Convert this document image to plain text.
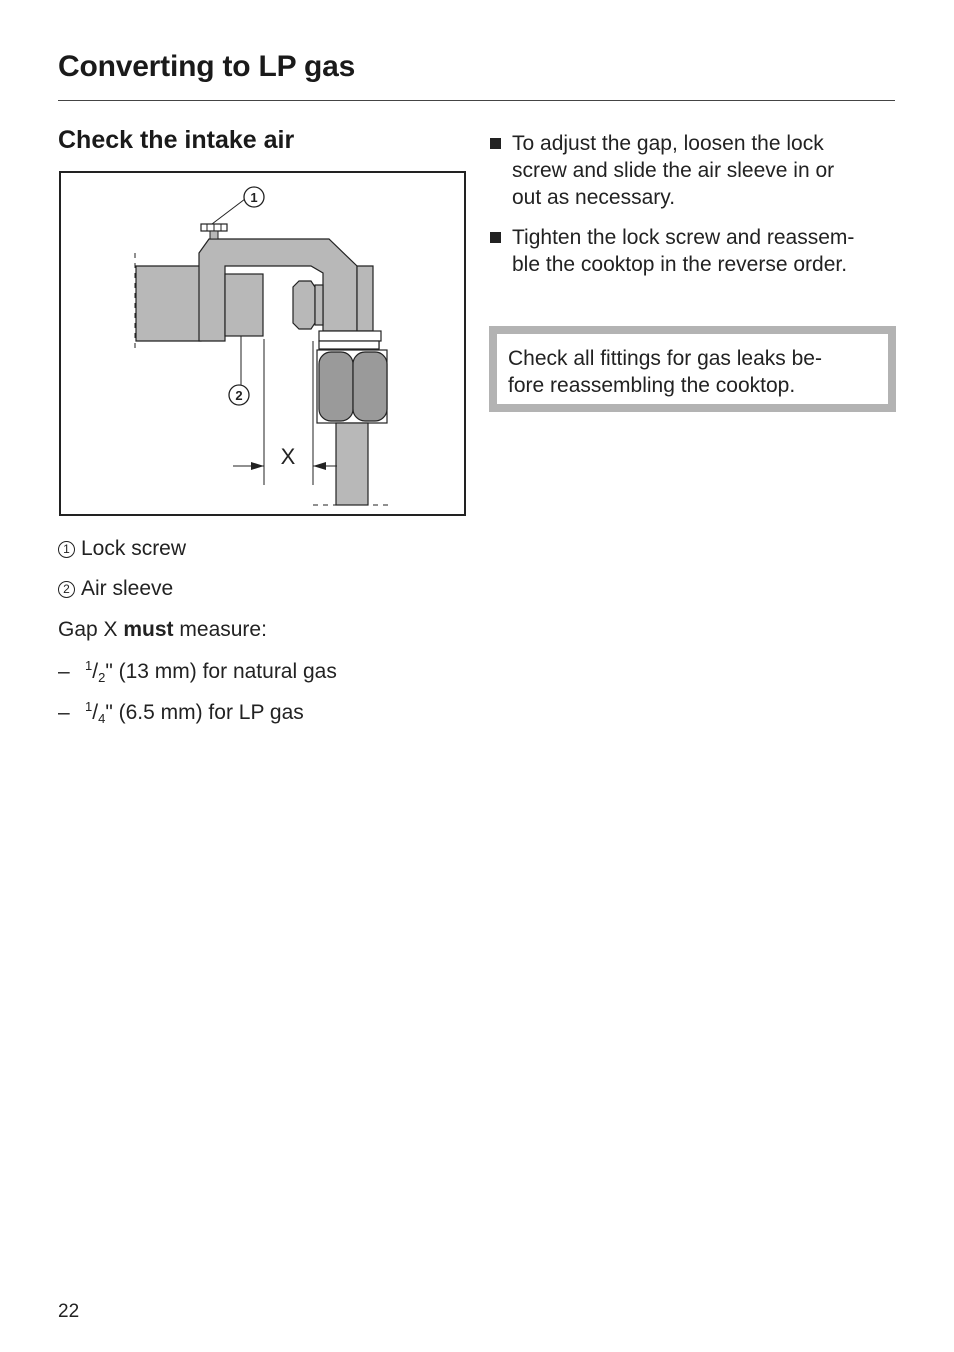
Converting to LP gas
Check the intake air
X
1
2
1 Lock screw
2 Air sleeve
Gap X must measure:
– $^1/_2$" (13 mm) for natural gas
– $^1/_4$" (6.5 mm) for LP gas
To adjust the gap, loosen the lock
screw and slide the air sleeve in or
out as necessary.
Tighten the lock screw and reassem-
ble the cooktop in the reverse order.
Check all fittings for gas leaks be-
fore reassembling the cooktop.
22
